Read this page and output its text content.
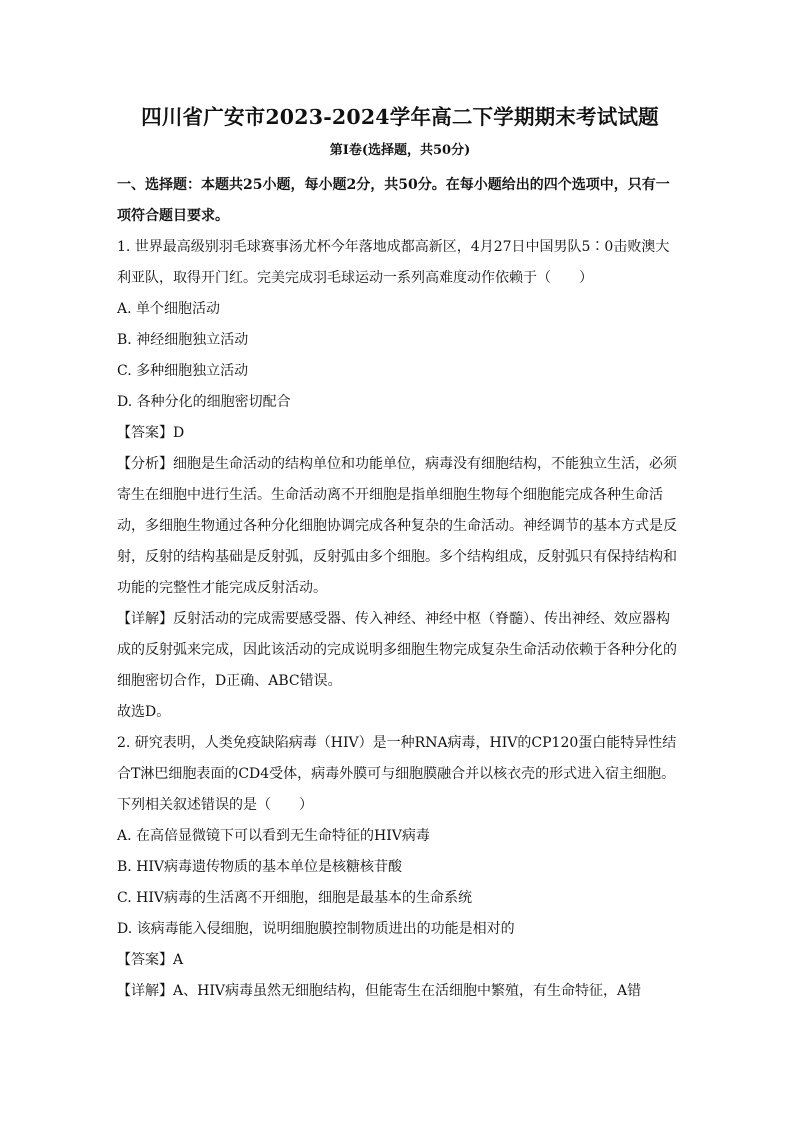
四川省广安市2023-2024学年高二下学期期末考试试题
第Ⅰ卷(选择题，共50分)

一、选择题：本题共25小题，每小题2分，共50分。在每小题给出的四个选项中，只有一项符合题目要求。

1. 世界最高级别羽毛球赛事汤尤杯今年落地成都高新区，4月27日中国男队5∶0击败澳大利亚队，取得开门红。完美完成羽毛球运动一系列高难度动作依赖于（　　）

A. 单个细胞活动

B. 神经细胞独立活动

C. 多种细胞独立活动

D. 各种分化的细胞密切配合

【答案】D

【分析】细胞是生命活动的结构单位和功能单位，病毒没有细胞结构，不能独立生活，必须寄生在细胞中进行生活。生命活动离不开细胞是指单细胞生物每个细胞能完成各种生命活动，多细胞生物通过各种分化细胞协调完成各种复杂的生命活动。神经调节的基本方式是反射，反射的结构基础是反射弧，反射弧由多个细胞。多个结构组成，反射弧只有保持结构和功能的完整性才能完成反射活动。

【详解】反射活动的完成需要感受器、传入神经、神经中枢（脊髓）、传出神经、效应器构成的反射弧来完成，因此该活动的完成说明多细胞生物完成复杂生命活动依赖于各种分化的细胞密切合作，D正确、ABC错误。

故选D。

2. 研究表明，人类免疫缺陷病毒（HIV）是一种RNA病毒，HIV的CP120蛋白能特异性结合T淋巴细胞表面的CD4受体，病毒外膜可与细胞膜融合并以核衣壳的形式进入宿主细胞。下列相关叙述错误的是（　　）

A. 在高倍显微镜下可以看到无生命特征的HIV病毒

B. HIV病毒遗传物质的基本单位是核糖核苷酸

C. HIV病毒的生活离不开细胞，细胞是最基本的生命系统

D. 该病毒能入侵细胞，说明细胞膜控制物质进出的功能是相对的

【答案】A

【详解】A、HIV病毒虽然无细胞结构，但能寄生在活细胞中繁殖，有生命特征，A错
